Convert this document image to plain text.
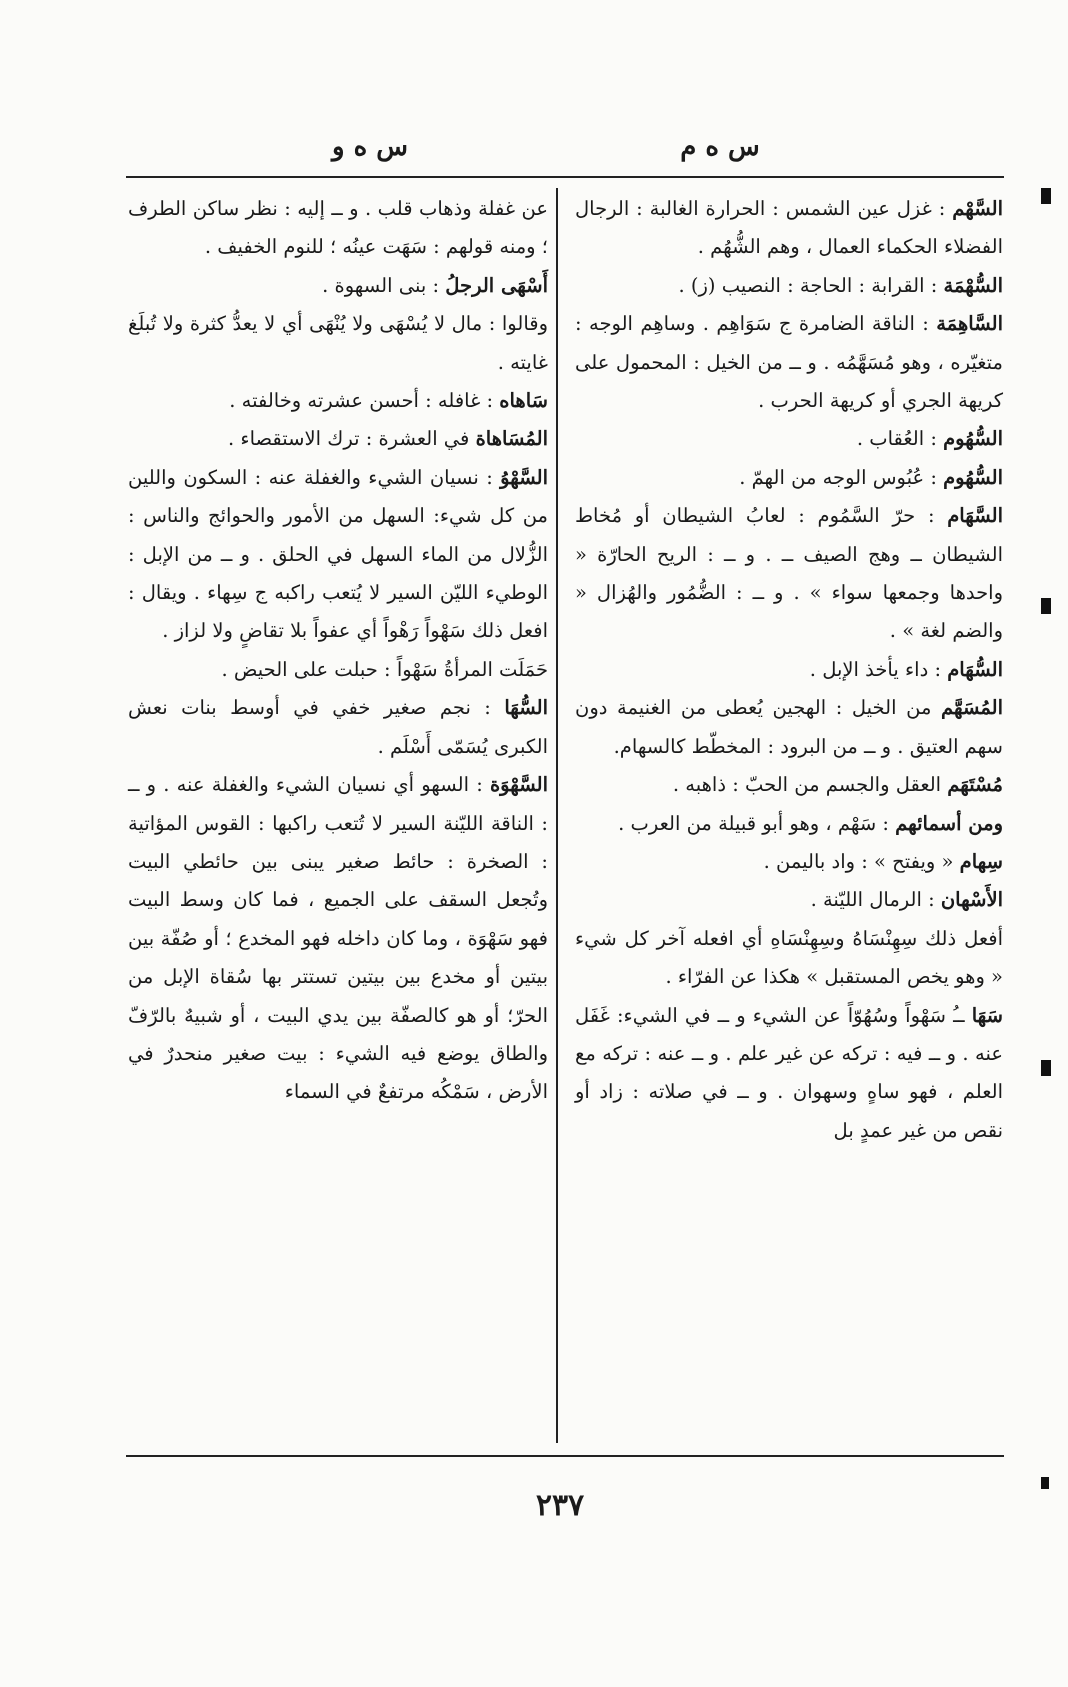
س ه م
س ه و

السَّهْم : غزل عين الشمس : الحرارة الغالبة : الرجال الفضلاء الحكماء العمال ، وهم الشُّهُم .

السُّهْمَة : القرابة : الحاجة : النصيب (ز) .

السَّاهِمَة : الناقة الضامرة ج سَوَاهِم . وساهِم الوجه : متغيّره ، وهو مُسَهَّمُه . و ــ من الخيل : المحمول على كريهة الجري أو كريهة الحرب .

السُّهُوم : العُقاب .

السُّهُوم : عُبُوس الوجه من الهمّ .

السَّهَام : حرّ السَّمُوم : لعابُ الشيطان أو مُخاط الشيطان ــ وهج الصيف ــ . و ــ : الريح الحارّة « واحدها وجمعها سواء » . و ــ : الضُّمُور والهُزال « والضم لغة » .

السُّهَام : داء يأخذ الإبل .

المُسَهَّم من الخيل : الهجين يُعطى من الغنيمة دون سهم العتيق . و ــ من البرود : المخطّط كالسهام.

مُسْتَهَم العقل والجسم من الحبّ : ذاهبه .

ومن أسمائهم : سَهْم ، وهو أبو قبيلة من العرب .

سِهام « ويفتح » : واد باليمن .

الأَسْهان : الرمال الليّنة .

أفعل ذلك سِهِنْسَاهُ وسِهِنْسَاهِ أي افعله آخر كل شيء « وهو يخص المستقبل » هكذا عن الفرّاء .

سَهَا ــُ سَهْواً وسُهُوّاً عن الشيء و ــ في الشيء: غَفَل عنه . و ــ فيه : تركه عن غير علم . و ــ عنه : تركه مع العلم ، فهو ساهٍ وسهوان . و ــ في صلاته : زاد أو نقص من غير عمدٍ بل

عن غفلة وذهاب قلب . و ــ إليه : نظر ساكن الطرف ؛ ومنه قولهم : سَهَت عينُه ؛ للنوم الخفيف .

أَسْهَى الرجلُ : بنى السهوة .

وقالوا : مال لا يُسْهَى ولا يُنْهَى أي لا يعدُّ كثرة ولا تُبلَغ غايته .

سَاهاه : غافله : أحسن عشرته وخالفته .

المُسَاهاة في العشرة : ترك الاستقصاء .

السَّهْوُ : نسيان الشيء والغفلة عنه : السكون واللين من كل شيء: السهل من الأمور والحوائج والناس : الزُّلال من الماء السهل في الحلق . و ــ من الإبل : الوطيء الليّن السير لا يُتعب راكبه ج سِهاء . ويقال : افعل ذلك سَهْواً رَهْواً أي عفواً بلا تقاضٍ ولا لزاز .

حَمَلَت المرأةُ سَهْواً : حبلت على الحيض .

السُّهَا : نجم صغير خفي في أوسط بنات نعش الكبرى يُسَمّى أَسْلَم .

السَّهْوَة : السهو أي نسيان الشيء والغفلة عنه . و ــ : الناقة الليّنة السير لا تُتعب راكبها : القوس المؤاتية : الصخرة : حائط صغير يبنى بين حائطي البيت وتُجعل السقف على الجميع ، فما كان وسط البيت فهو سَهْوَة ، وما كان داخله فهو المخدع ؛ أو صُفّة بين بيتين أو مخدع بين بيتين تستتر بها سُقاة الإبل من الحرّ؛ أو هو كالصفّة بين يدي البيت ، أو شبيهٌ بالرّفّ والطاق يوضع فيه الشيء : بيت صغير منحدرٌ في الأرض ، سَمْكُه مرتفعٌ في السماء

٢٣٧
